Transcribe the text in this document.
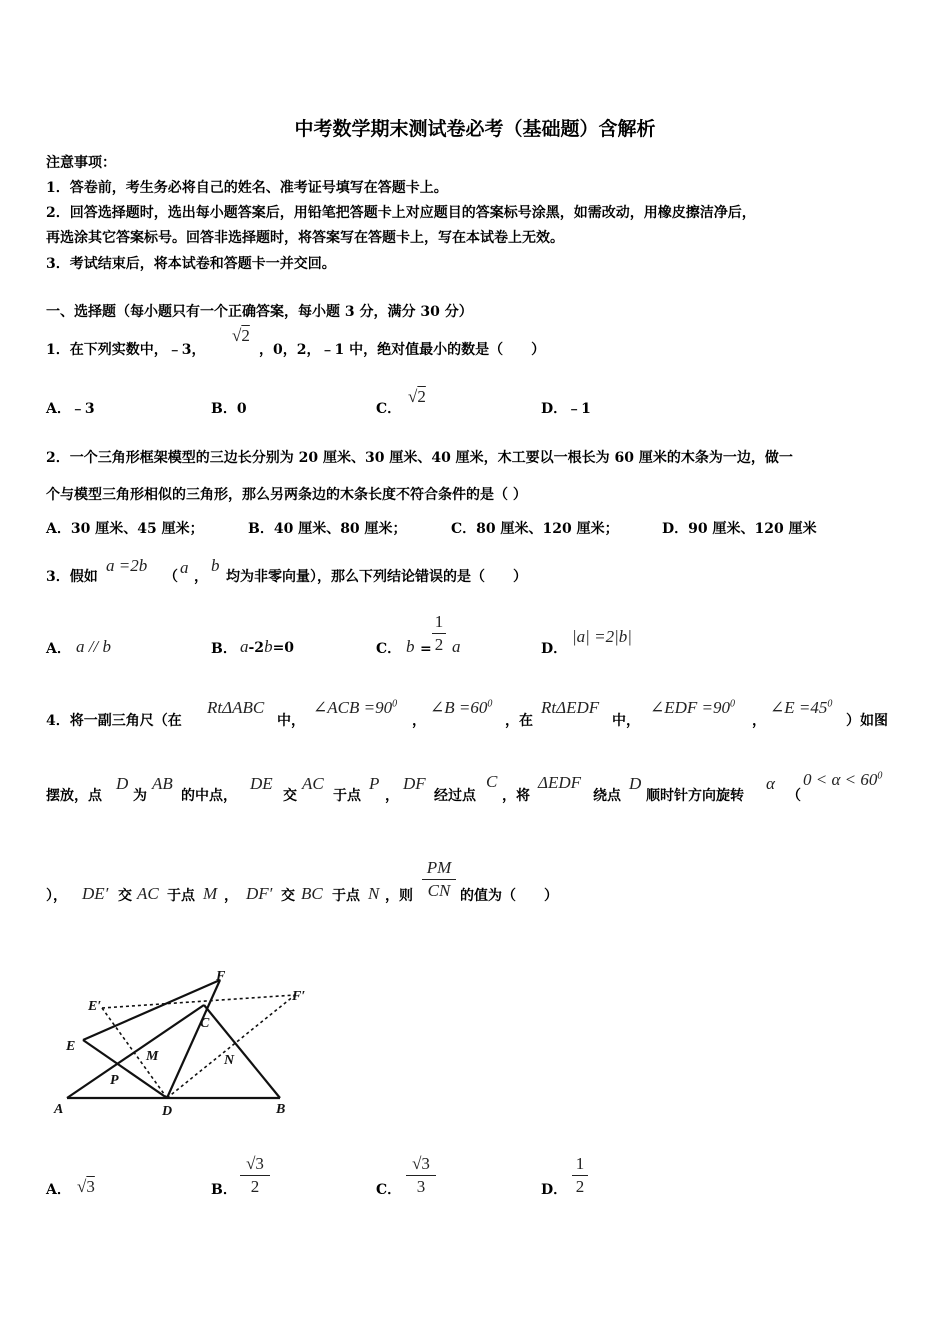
中考数学期末测试卷必考（基础题）含解析
注意事项：
1．答卷前，考生务必将自己的姓名、准考证号填写在答题卡上。
2．回答选择题时，选出每小题答案后，用铅笔把答题卡上对应题目的答案标号涂黑，如需改动，用橡皮擦洁净后，
再选涂其它答案标号。回答非选择题时，将答案写在答题卡上，写在本试卷上无效。
3．考试结束后，将本试卷和答题卡一并交回。
一、选择题（每小题只有一个正确答案，每小题 3 分，满分 30 分）
1．在下列实数中，﹣3，
√2
，0，2，﹣1 中，绝对值最小的数是（　　）
A．﹣3	B．0	C．
√2
D．﹣1
2．一个三角形框架模型的三边长分别为 20 厘米、30 厘米、40 厘米，木工要以一根长为 60 厘米的木条为一边，做一
个与模型三角形相似的三角形，那么另两条边的木条长度不符合条件的是（ ）
A．30 厘米、45 厘米；	B．40 厘米、80 厘米；	C．80 厘米、120 厘米；	D．90 厘米、120 厘米
3．假如
a =2b
（ a ，
b
均为非零向量），那么下列结论错误的是（　　）
A． a // b	B． a-2b=0	C． b =
1
2 a	D．
|a| =2|b|
4．将一副三角尺（在
RtΔABC
中，
∠ACB $=90^0$
，
∠B $=60^0$
，在
RtΔEDF
中，
∠EDF $=90^0$
，
∠E $=45^0$
）如图
摆放，点
D
为
AB
的中点，
DE
交
AC
于点
P
，
DF
经过点
C
，将
ΔEDF
绕点
D
顺时针方向旋转
α
（
$0 < \alpha < 60^0$
）， DE′ 交 AC 于点 M ， DF′ 交 BC 于点 N ，则
PM
CN 的值为（　　）
A	B
C
D
E
F
E′
F′
M	N
P
A． √3	B．
√3
2	C．
√3
3	D．
1
2
